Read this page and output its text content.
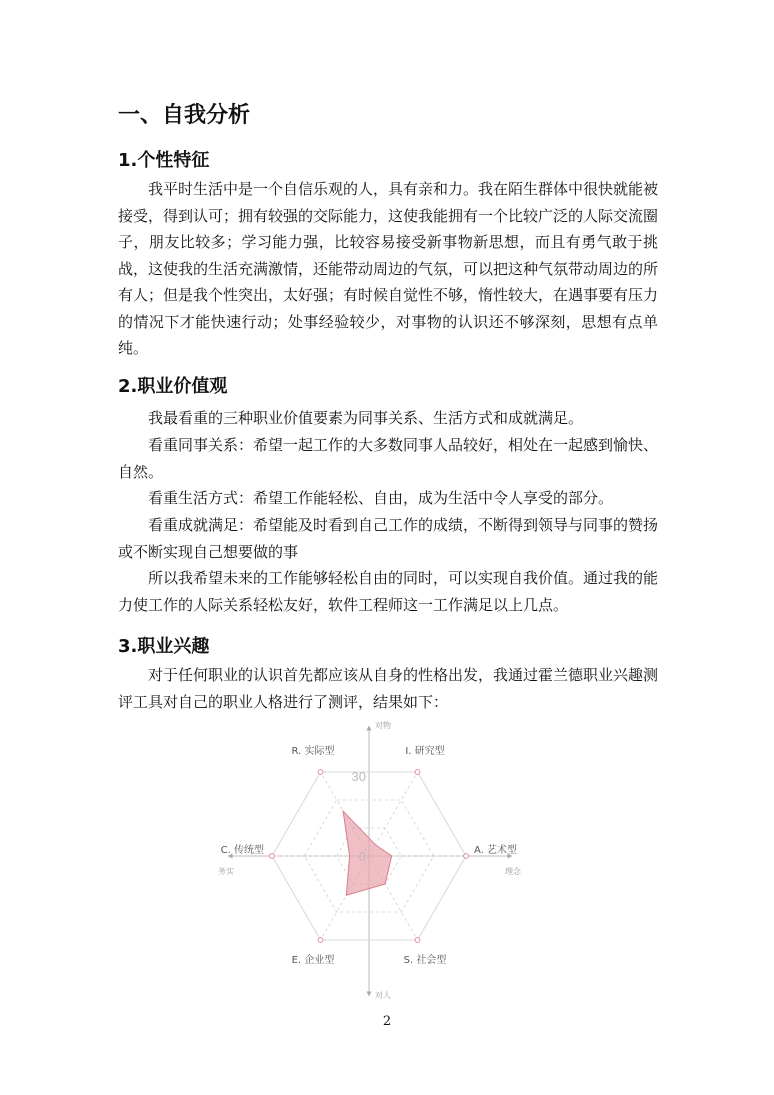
一、自我分析
1.个性特征

我平时生活中是一个自信乐观的人，具有亲和力。我在陌生群体中很快就能被接受，得到认可；拥有较强的交际能力，这使我能拥有一个比较广泛的人际交流圈子，朋友比较多；学习能力强，比较容易接受新事物新思想，而且有勇气敢于挑战，这使我的生活充满激情，还能带动周边的气氛，可以把这种气氛带动周边的所有人；但是我个性突出，太好强；有时候自觉性不够，惰性较大，在遇事要有压力的情况下才能快速行动；处事经验较少，对事物的认识还不够深刻，思想有点单纯。

2.职业价值观

我最看重的三种职业价值要素为同事关系、生活方式和成就满足。

看重同事关系：希望一起工作的大多数同事人品较好，相处在一起感到愉快、自然。

看重生活方式：希望工作能轻松、自由，成为生活中令人享受的部分。

看重成就满足：希望能及时看到自己工作的成绩，不断得到领导与同事的赞扬或不断实现自己想要做的事

所以我希望未来的工作能够轻松自由的同时，可以实现自我价值。通过我的能力使工作的人际关系轻松友好，软件工程师这一工作满足以上几点。

3.职业兴趣

对于任何职业的认识首先都应该从自身的性格出发，我通过霍兰德职业兴趣测评工具对自己的职业人格进行了测评，结果如下：

30
0
R. 实际型	I. 研究型
A. 艺术型
S. 社会型
E. 企业型
C. 传统型
对物
对人
务实	理念

2
